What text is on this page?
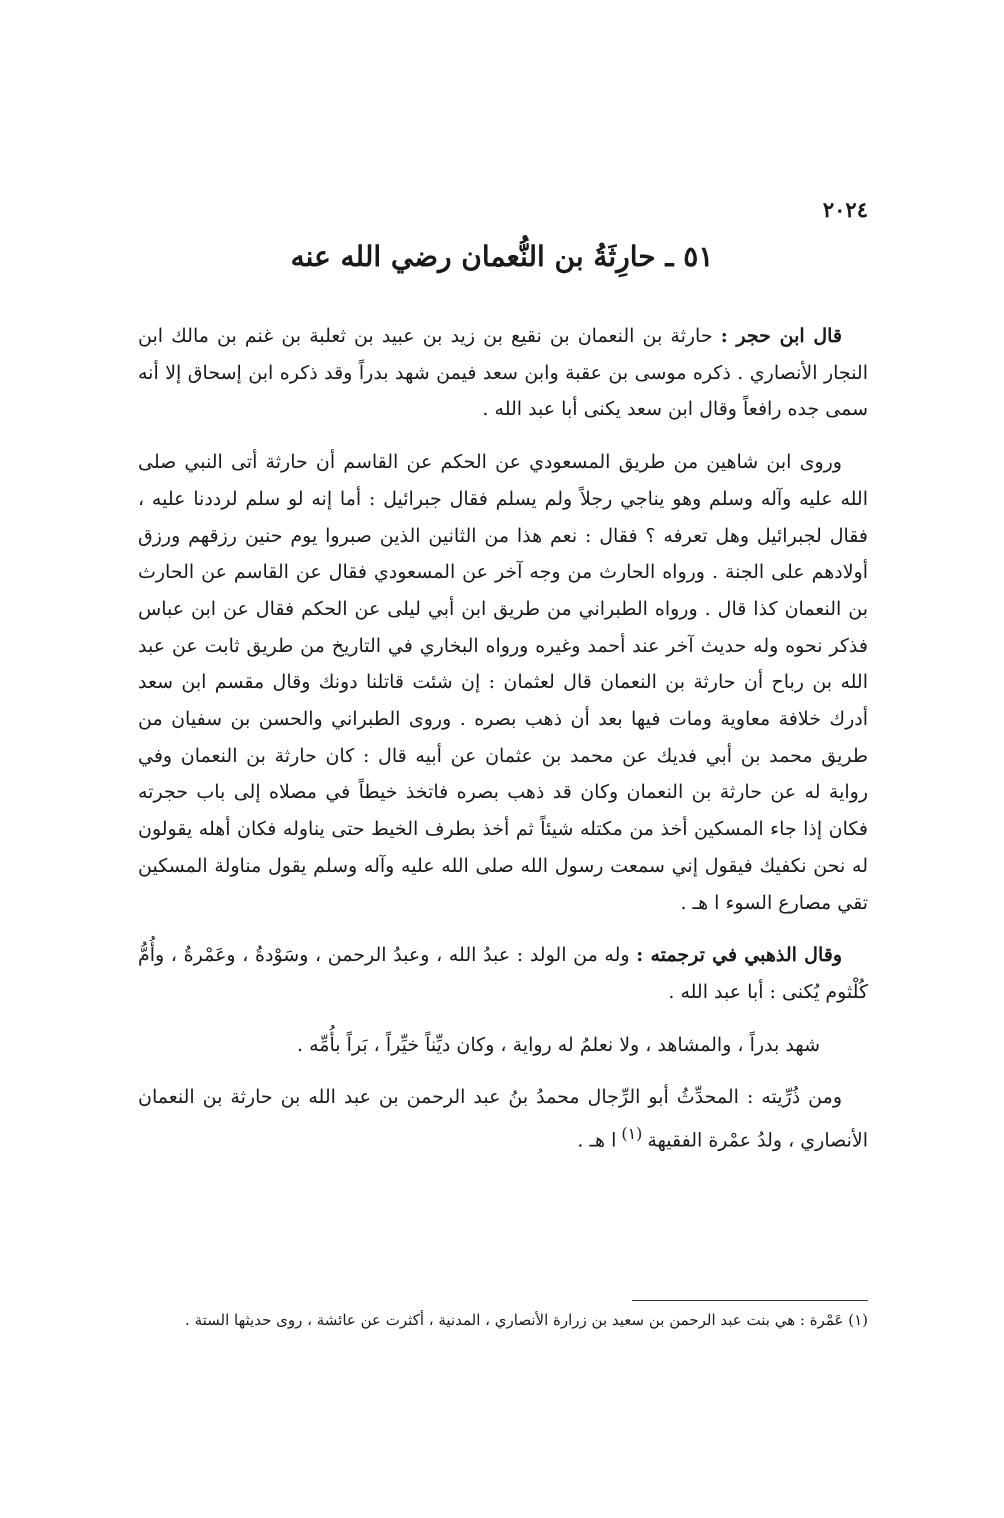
٢٠٢٤
٥١ ـ حارِثَةُ بن النُّعمان رضي الله عنه

قال ابن حجر : حارثة بن النعمان بن نقيع بن زيد بن عبيد بن ثعلبة بن غنم بن مالك ابن النجار الأنصاري . ذكره موسى بن عقبة وابن سعد فيمن شهد بدراً وقد ذكره ابن إسحاق إلا أنه سمى جده رافعاً وقال ابن سعد يكنى أبا عبد الله .

وروى ابن شاهين من طريق المسعودي عن الحكم عن القاسم أن حارثة أتى النبي صلى الله عليه وآله وسلم وهو يناجي رجلاً ولم يسلم فقال جبرائيل : أما إنه لو سلم لرددنا عليه ، فقال لجبرائيل وهل تعرفه ؟ فقال : نعم هذا من الثانين الذين صبروا يوم حنين رزقهم ورزق أولادهم على الجنة . ورواه الحارث من وجه آخر عن المسعودي فقال عن القاسم عن الحارث بن النعمان كذا قال . ورواه الطبراني من طريق ابن أبي ليلى عن الحكم فقال عن ابن عباس فذكر نحوه وله حديث آخر عند أحمد وغيره ورواه البخاري في التاريخ من طريق ثابت عن عبد الله بن رباح أن حارثة بن النعمان قال لعثمان : إن شئت قاتلنا دونك وقال مقسم ابن سعد أدرك خلافة معاوية ومات فيها بعد أن ذهب بصره . وروى الطبراني والحسن بن سفيان من طريق محمد بن أبي فديك عن محمد بن عثمان عن أبيه قال : كان حارثة بن النعمان وفي رواية له عن حارثة بن النعمان وكان قد ذهب بصره فاتخذ خيطاً في مصلاه إلى باب حجرته فكان إذا جاء المسكين أخذ من مكتله شيئاً ثم أخذ بطرف الخيط حتى يناوله فكان أهله يقولون له نحن نكفيك فيقول إني سمعت رسول الله صلى الله عليه وآله وسلم يقول مناولة المسكين تقي مصارع السوء ا هـ .

وقال الذهبي في ترجمته : وله من الولد : عبدُ الله ، وعبدُ الرحمن ، وسَوْدةُ ، وعَمْرةُ ، وأُمُّ كُلْثوم يُكنى : أبا عبد الله .

شهد بدراً ، والمشاهد ، ولا نعلمُ له رواية ، وكان ديِّناً خيِّراً ، بَراً بأُمِّه .

ومن ذُرِّيته : المحدِّثُ أبو الرِّجال محمدُ بنُ عبد الرحمن بن عبد الله بن حارثة بن النعمان الأنصاري ، ولدُ عمْرة الفقيهة $^{(١)}$ ا هـ .

(١) عَمْرة : هي بنت عبد الرحمن بن سعيد بن زرارة الأنصاري ، المدنية ، أكثرت عن عائشة ، روى حديثها الستة .
